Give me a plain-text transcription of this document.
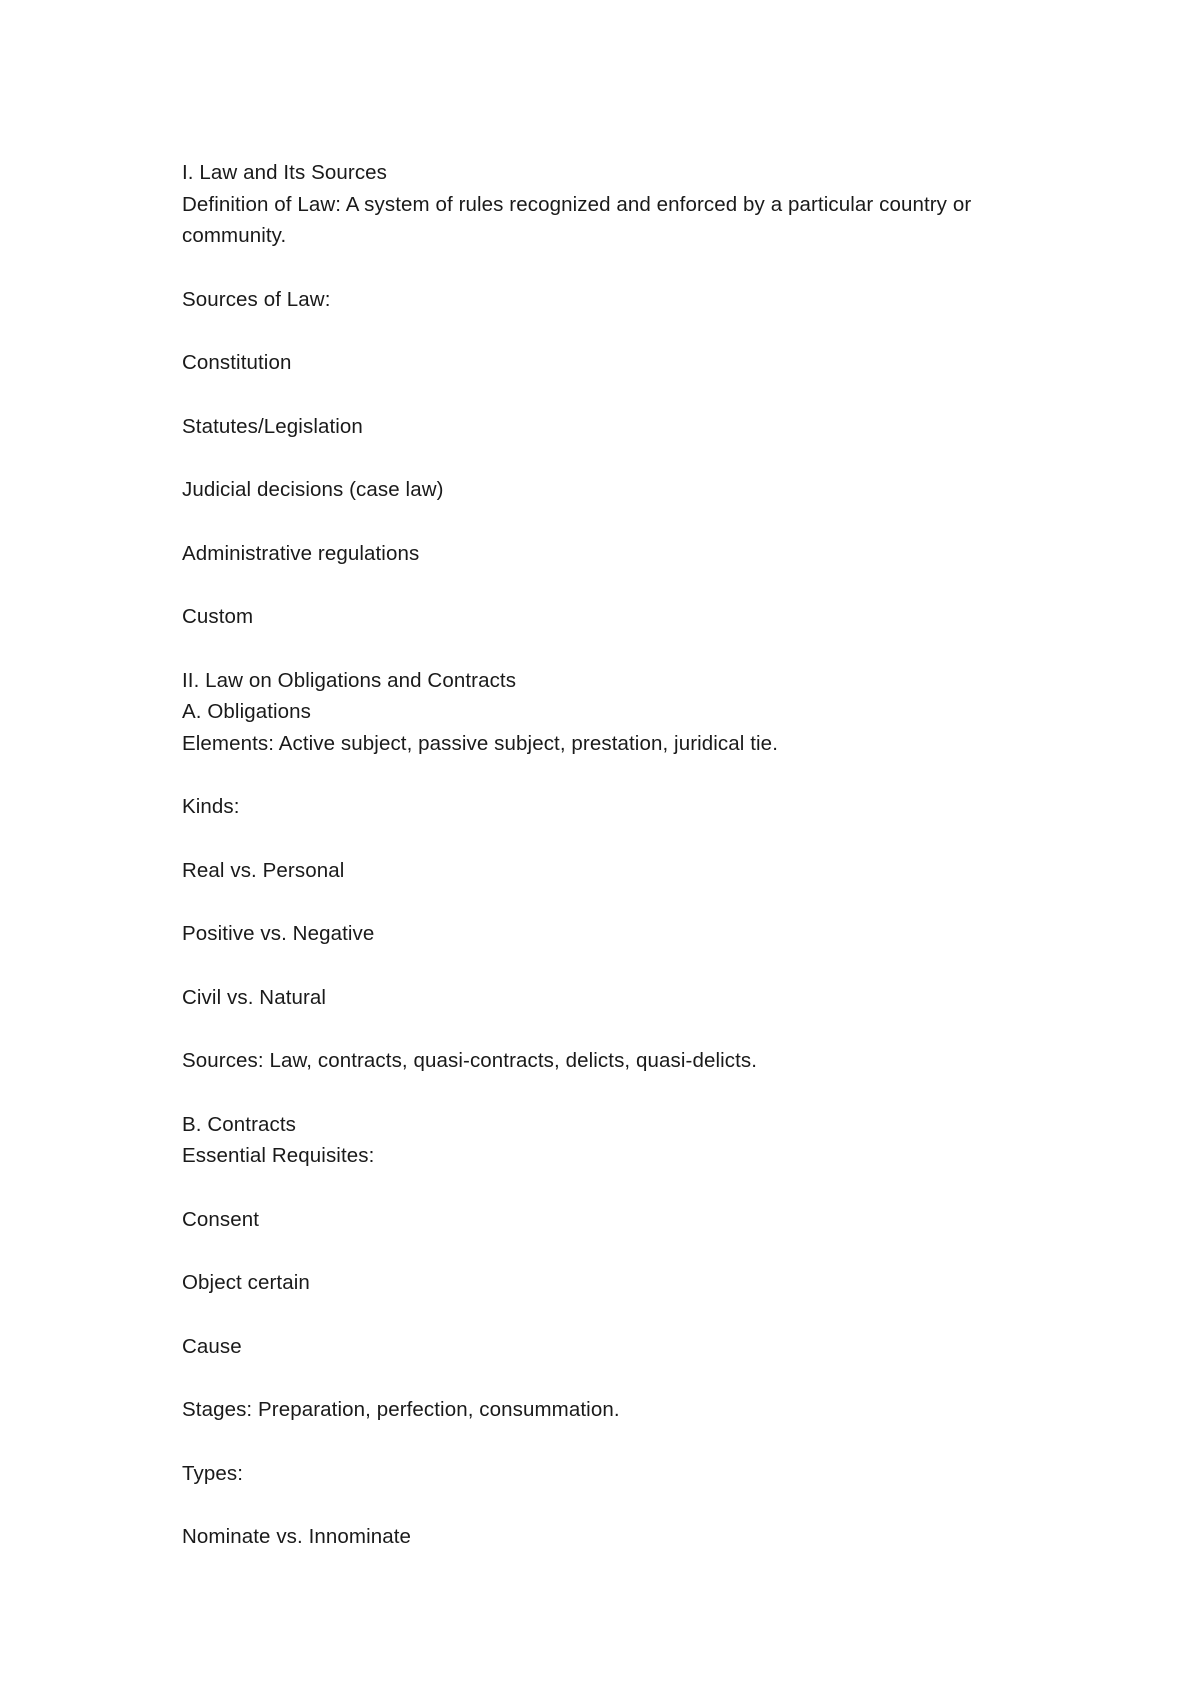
I. Law and Its Sources

Definition of Law: A system of rules recognized and enforced by a particular country or community.

Sources of Law:

Constitution

Statutes/Legislation

Judicial decisions (case law)

Administrative regulations

Custom

II. Law on Obligations and Contracts

A. Obligations

Elements: Active subject, passive subject, prestation, juridical tie.

Kinds:

Real vs. Personal

Positive vs. Negative

Civil vs. Natural

Sources: Law, contracts, quasi-contracts, delicts, quasi-delicts.

B. Contracts

Essential Requisites:

Consent

Object certain

Cause

Stages: Preparation, perfection, consummation.

Types:

Nominate vs. Innominate
